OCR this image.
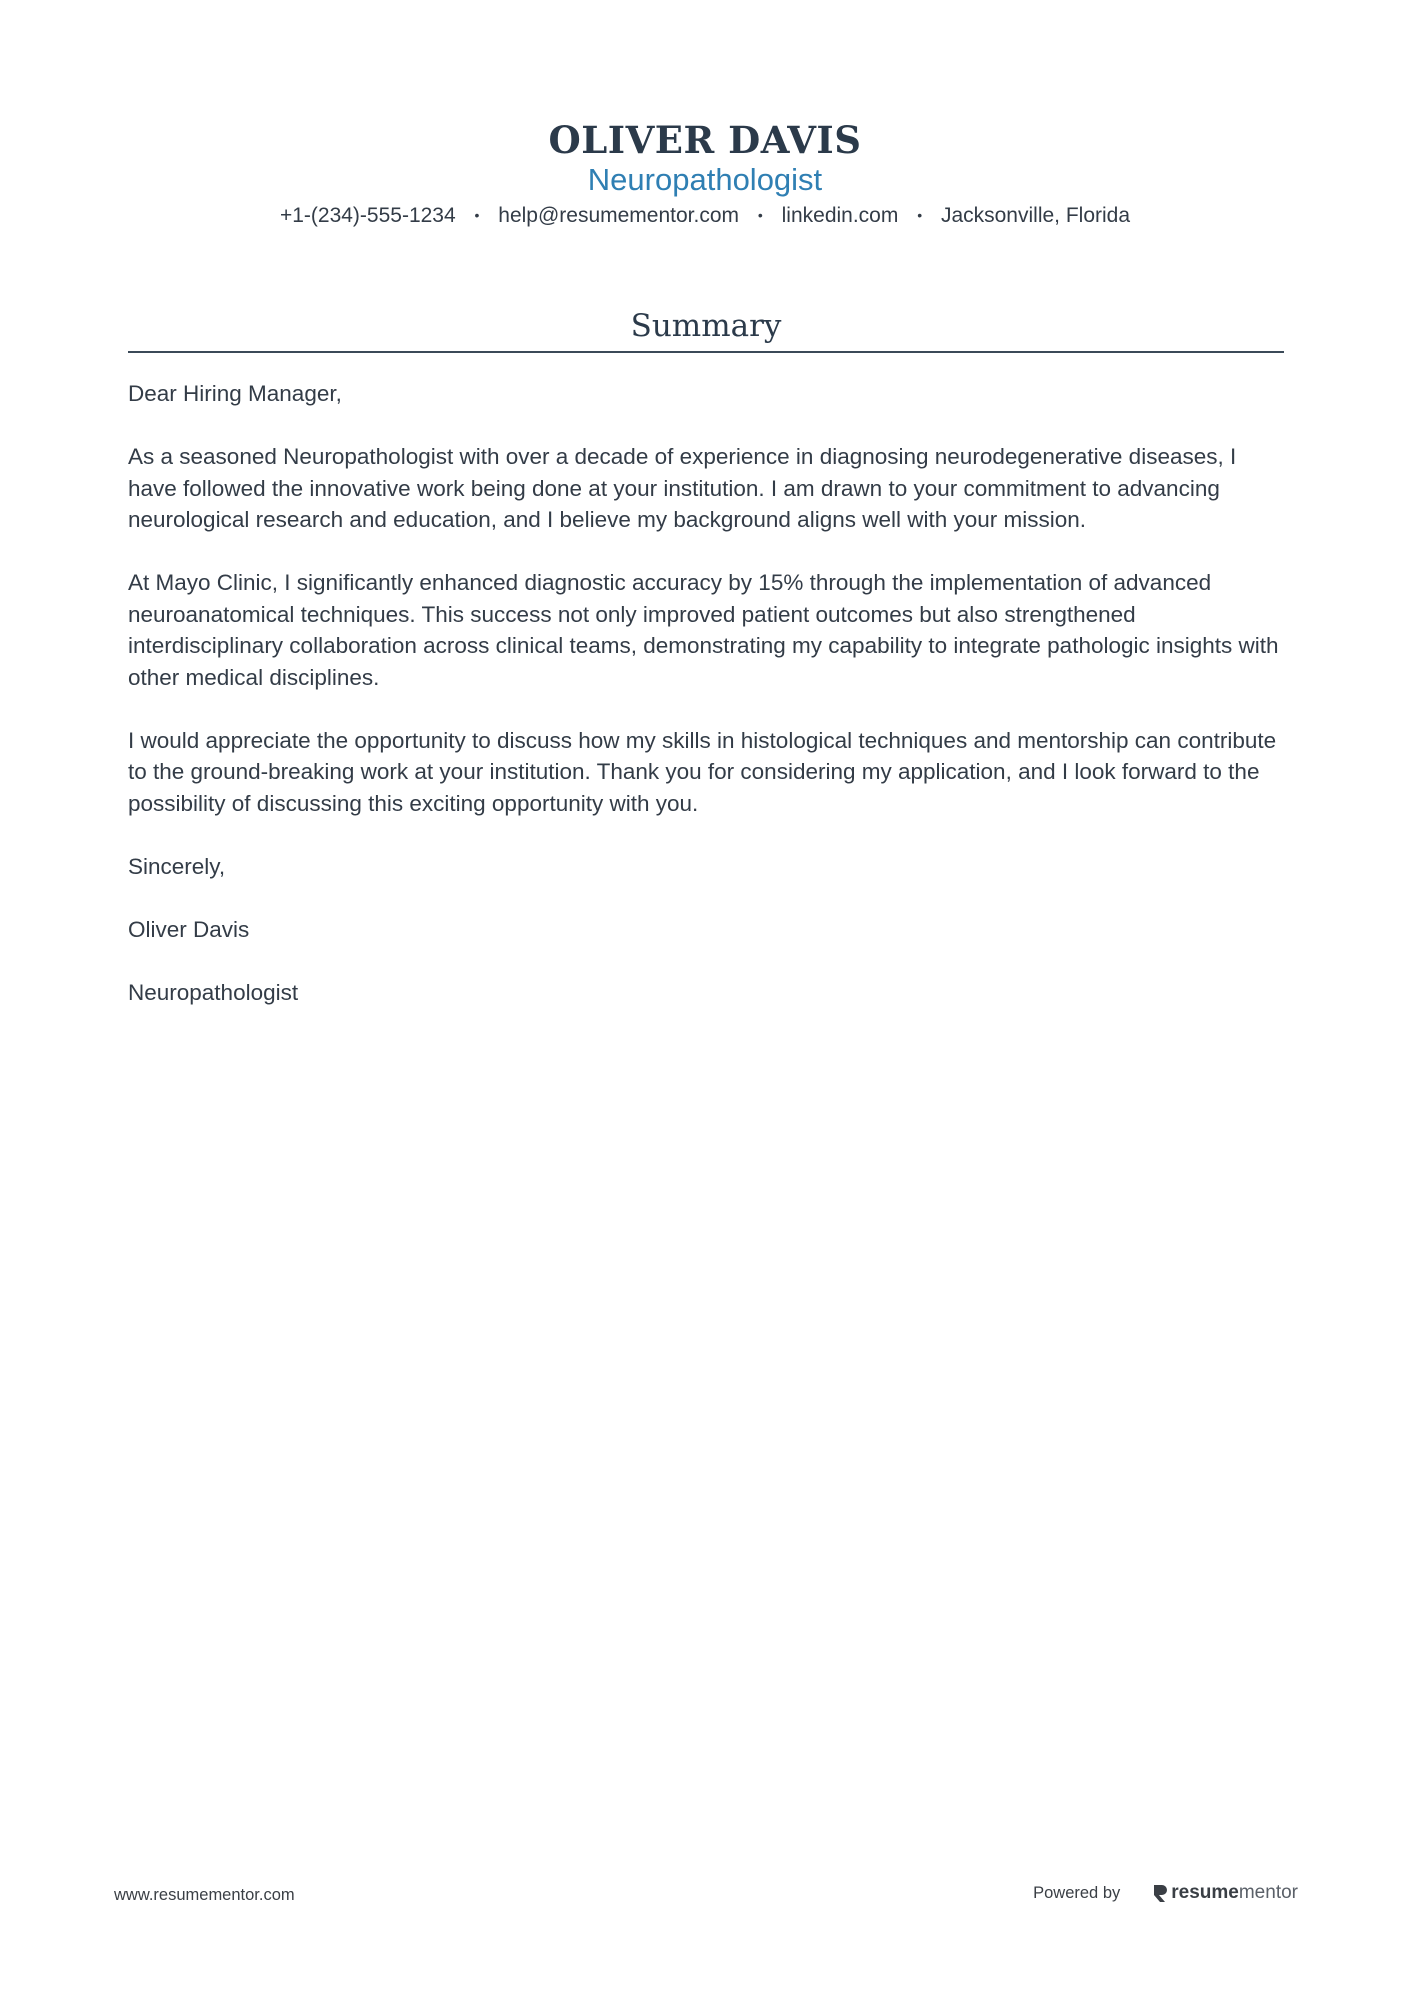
OLIVER DAVIS
Neuropathologist
+1-(234)-555-1234 • help@resumementor.com • linkedin.com • Jacksonville, Florida
Summary

Dear Hiring Manager,

As a seasoned Neuropathologist with over a decade of experience in diagnosing neurodegenerative diseases, I have followed the innovative work being done at your institution. I am drawn to your commitment to advancing neurological research and education, and I believe my background aligns well with your mission.

At Mayo Clinic, I significantly enhanced diagnostic accuracy by 15% through the implementation of advanced neuroanatomical techniques. This success not only improved patient outcomes but also strengthened interdisciplinary collaboration across clinical teams, demonstrating my capability to integrate pathologic insights with other medical disciplines.

I would appreciate the opportunity to discuss how my skills in histological techniques and mentorship can contribute to the ground-breaking work at your institution. Thank you for considering my application, and I look forward to the possibility of discussing this exciting opportunity with you.

Sincerely,

Oliver Davis

Neuropathologist

www.resumementor.com	Powered by	resume mentor
